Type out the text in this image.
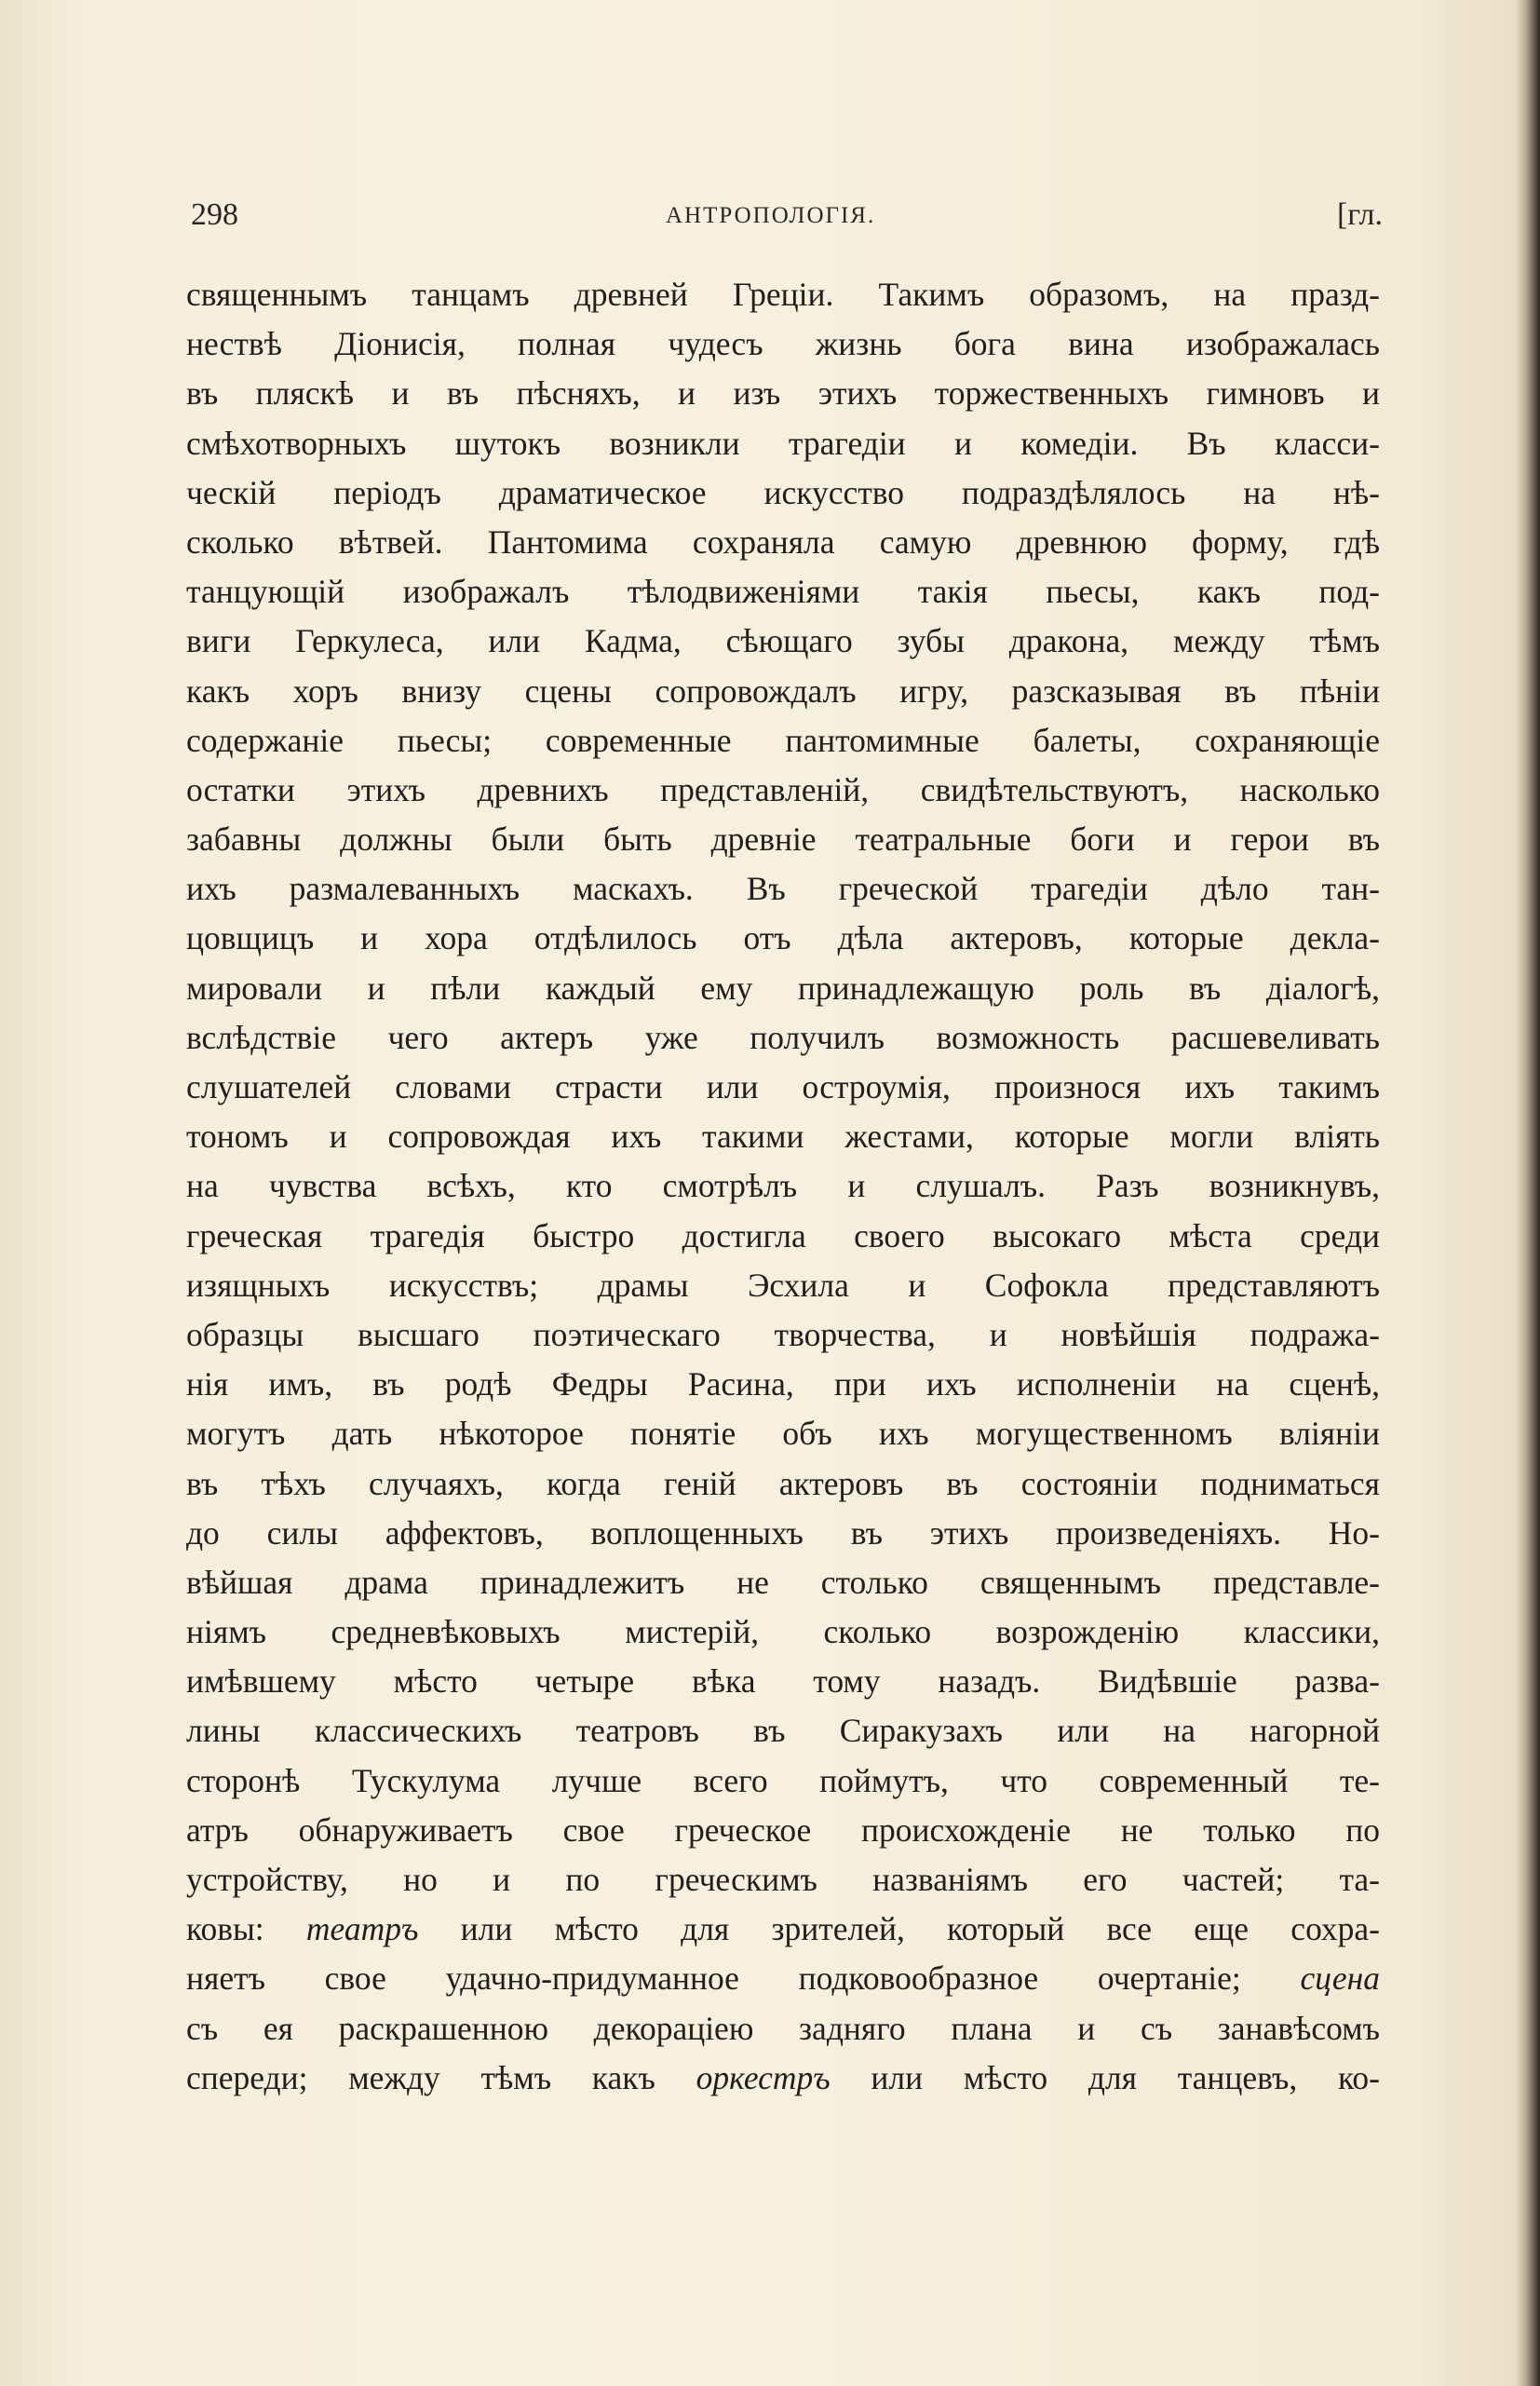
298	АНТРОПОЛОГІЯ.	[гл.
священнымъ танцамъ древней Греціи. Такимъ образомъ, на празд-
нествѣ Діонисія, полная чудесъ жизнь бога вина изображалась
въ пляскѣ и въ пѣсняхъ, и изъ этихъ торжественныхъ гимновъ и
смѣхотворныхъ шутокъ возникли трагедіи и комедіи. Въ класси-
ческій періодъ драматическое искусство подраздѣлялось на нѣ-
сколько вѣтвей. Пантомима сохраняла самую древнюю форму, гдѣ
танцующій изображалъ тѣлодвиженіями такія пьесы, какъ под-
виги Геркулеса, или Кадма, сѣющаго зубы дракона, между тѣмъ
какъ хоръ внизу сцены сопровождалъ игру, разсказывая въ пѣніи
содержаніе пьесы; современные пантомимные балеты, сохраняющіе
остатки этихъ древнихъ представленій, свидѣтельствуютъ, насколько
забавны должны были быть древніе театральные боги и герои въ
ихъ размалеванныхъ маскахъ. Въ греческой трагедіи дѣло тан-
цовщицъ и хора отдѣлилось отъ дѣла актеровъ, которые декла-
мировали и пѣли каждый ему принадлежащую роль въ діалогѣ,
вслѣдствіе чего актеръ уже получилъ возможность расшевеливать
слушателей словами страсти или остроумія, произнося ихъ такимъ
тономъ и сопровождая ихъ такими жестами, которые могли вліять
на чувства всѣхъ, кто смотрѣлъ и слушалъ. Разъ возникнувъ,
греческая трагедія быстро достигла своего высокаго мѣста среди
изящныхъ искусствъ; драмы Эсхила и Софокла представляютъ
образцы высшаго поэтическаго творчества, и новѣйшія подража-
нія имъ, въ родѣ Федры Расина, при ихъ исполненіи на сценѣ,
могутъ дать нѣкоторое понятіе объ ихъ могущественномъ вліяніи
въ тѣхъ случаяхъ, когда геній актеровъ въ состояніи подниматься
до силы аффектовъ, воплощенныхъ въ этихъ произведеніяхъ. Но-
вѣйшая драма принадлежитъ не столько священнымъ представле-
ніямъ средневѣковыхъ мистерій, сколько возрожденію классики,
имѣвшему мѣсто четыре вѣка тому назадъ. Видѣвшіе разва-
лины классическихъ театровъ въ Сиракузахъ или на нагорной
сторонѣ Тускулума лучше всего поймутъ, что современный те-
атръ обнаруживаетъ свое греческое происхожденіе не только по
устройству, но и по греческимъ названіямъ его частей; та-
ковы: театръ или мѣсто для зрителей, который все еще сохра-
няетъ свое удачно-придуманное подковообразное очертаніе; сцена
съ ея раскрашенною декораціею задняго плана и съ занавѣсомъ
спереди; между тѣмъ какъ оркестръ или мѣсто для танцевъ, ко-
